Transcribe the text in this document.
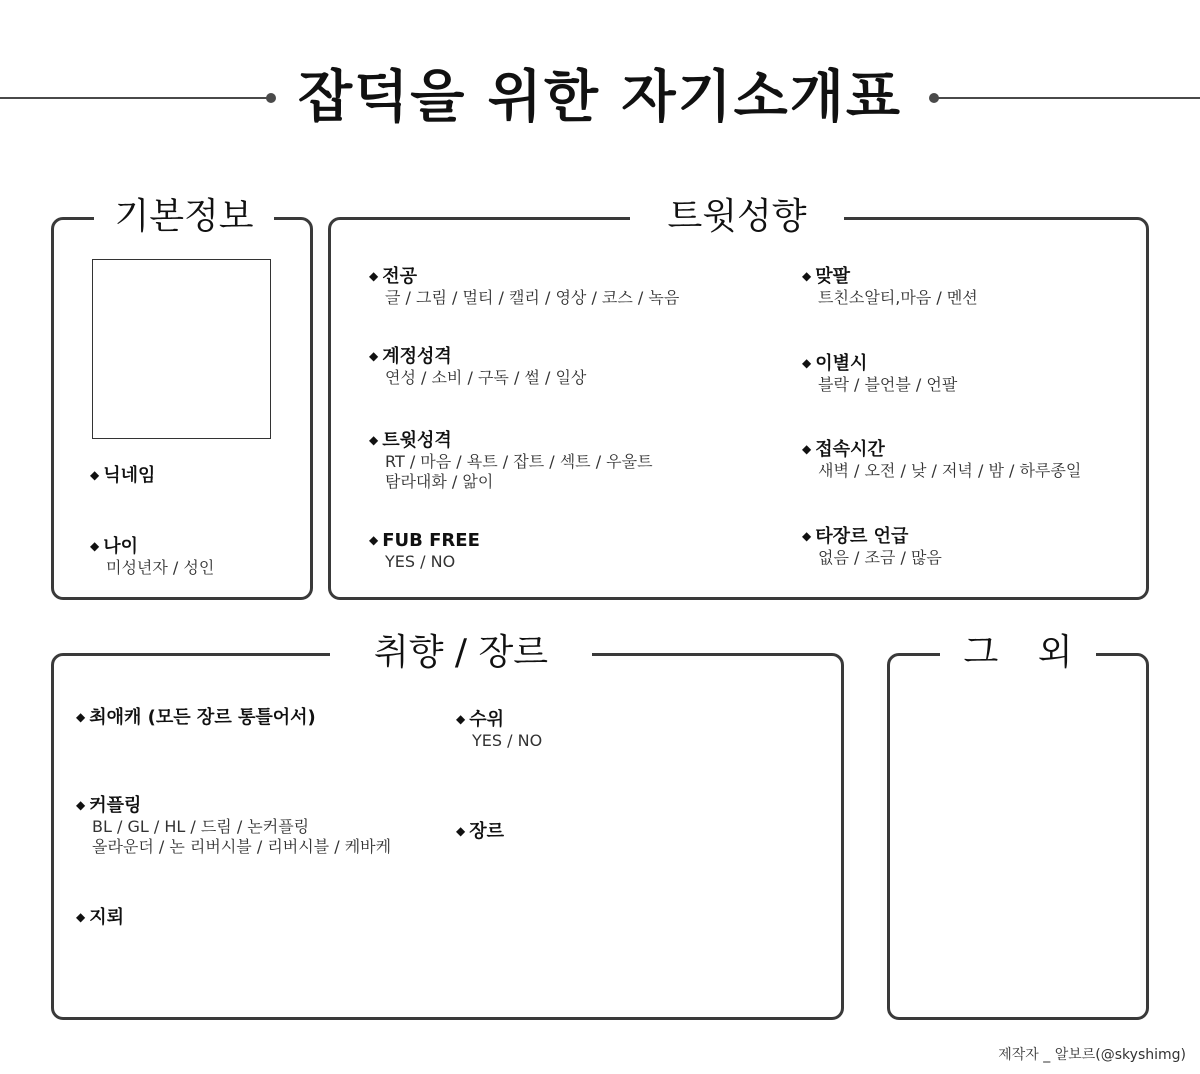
잡덕을 위한 자기소개표
기본정보
◆ 닉네임
◆ 나이
미성년자 / 성인
트윗성향
◆ 전공
글 / 그림 / 멀티 / 캘리 / 영상 / 코스 / 녹음
◆ 계정성격
연성 / 소비 / 구독 / 썰 / 일상
◆ 트윗성격
RT / 마음 / 욕트 / 잡트 / 섹트 / 우울트
탐라대화 / 앎이
◆ FUB FREE
YES / NO
◆ 맞팔
트친소알티,마음 / 멘션
◆ 이별시
블락 / 블언블 / 언팔
◆ 접속시간
새벽 / 오전 / 낮 / 저녁 / 밤 / 하루종일
◆ 타장르 언급
없음 / 조금 / 많음
취향 / 장르
◆ 최애캐 (모든 장르 통틀어서)
◆ 커플링
BL / GL / HL / 드림 / 논커플링
올라운더 / 논 리버시블 / 리버시블 / 케바케
◆ 지뢰
◆ 수위
YES / NO
◆ 장르
그 외
제작자 _ 알보르(@skyshimg)
